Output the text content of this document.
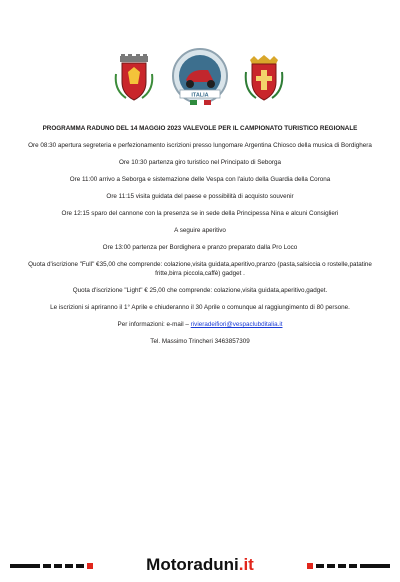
ITALIA

PROGRAMMA RADUNO DEL 14 MAGGIO 2023 VALEVOLE PER IL CAMPIONATO TURISTICO REGIONALE

Ore 08:30 apertura segreteria e perfezionamento iscrizioni presso lungomare Argentina Chiosco della musica di Bordighera

Ore 10:30 partenza giro turistico nel Principato di Seborga

Ore 11:00 arrivo a Seborga e sistemazione delle Vespa con l'aiuto della Guardia della Corona

Ore 11:15 visita guidata del paese e possibilità di acquisto souvenir

Ore 12:15 sparo del cannone con la presenza se in sede della Principessa Nina e alcuni Consiglieri

A seguire aperitivo

Ore 13:00 partenza per Bordighera e pranzo preparato dalla Pro Loco

Quota d'iscrizione "Full" €35,00 che comprende: colazione,visita guidata,aperitivo,pranzo (pasta,salsiccia o rostelle,patatine fritte,birra piccola,caffè) gadget .

Quota d'iscrizione "Light" € 25,00 che comprende: colazione,visita guidata,aperitivo,gadget.

Le iscrizioni si apriranno il 1° Aprile e chiuderanno il 30 Aprile o comunque al raggiungimento di 80 persone.

Per informazioni: e-mail – rivieradeifiori@vespaclubditalia.it

Tel. Massimo Trincheri 3463857309

Motoraduni.it
